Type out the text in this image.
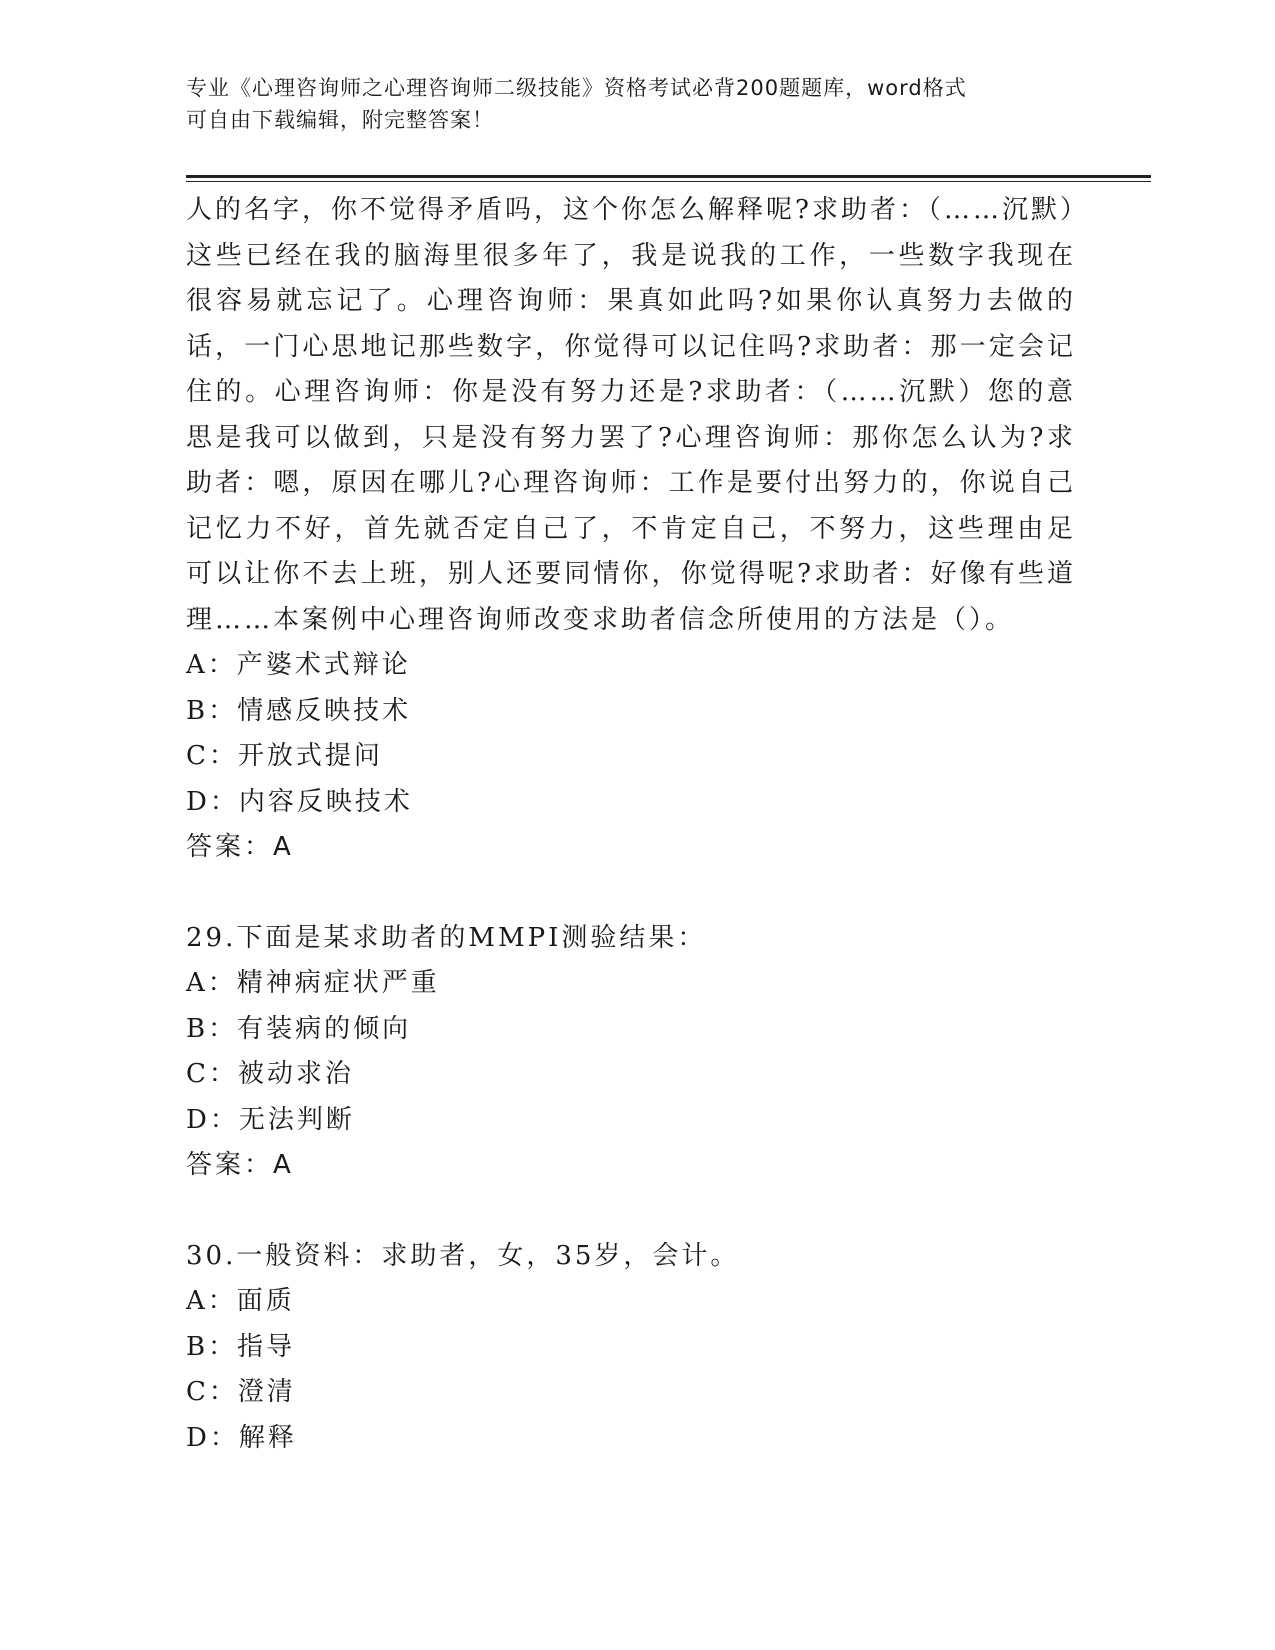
专业《心理咨询师之心理咨询师二级技能》资格考试必背200题题库，word格式
可自由下载编辑，附完整答案！

人的名字，你不觉得矛盾吗，这个你怎么解释呢?求助者：（……沉默）这些已经在我的脑海里很多年了，我是说我的工作，一些数字我现在很容易就忘记了。心理咨询师：果真如此吗?如果你认真努力去做的话，一门心思地记那些数字，你觉得可以记住吗?求助者：那一定会记住的。心理咨询师：你是没有努力还是?求助者：（……沉默）您的意思是我可以做到，只是没有努力罢了?心理咨询师：那你怎么认为?求助者：嗯，原因在哪儿?心理咨询师：工作是要付出努力的，你说自己记忆力不好，首先就否定自己了，不肯定自己，不努力，这些理由足可以让你不去上班，别人还要同情你，你觉得呢?求助者：好像有些道理……本案例中心理咨询师改变求助者信念所使用的方法是（）。

A：产婆术式辩论
B：情感反映技术
C：开放式提问
D：内容反映技术
答案：A
29.下面是某求助者的MMPI测验结果：
A：精神病症状严重
B：有装病的倾向
C：被动求治
D：无法判断
答案：A
30.一般资料：求助者，女，35岁，会计。
A：面质
B：指导
C：澄清
D：解释
